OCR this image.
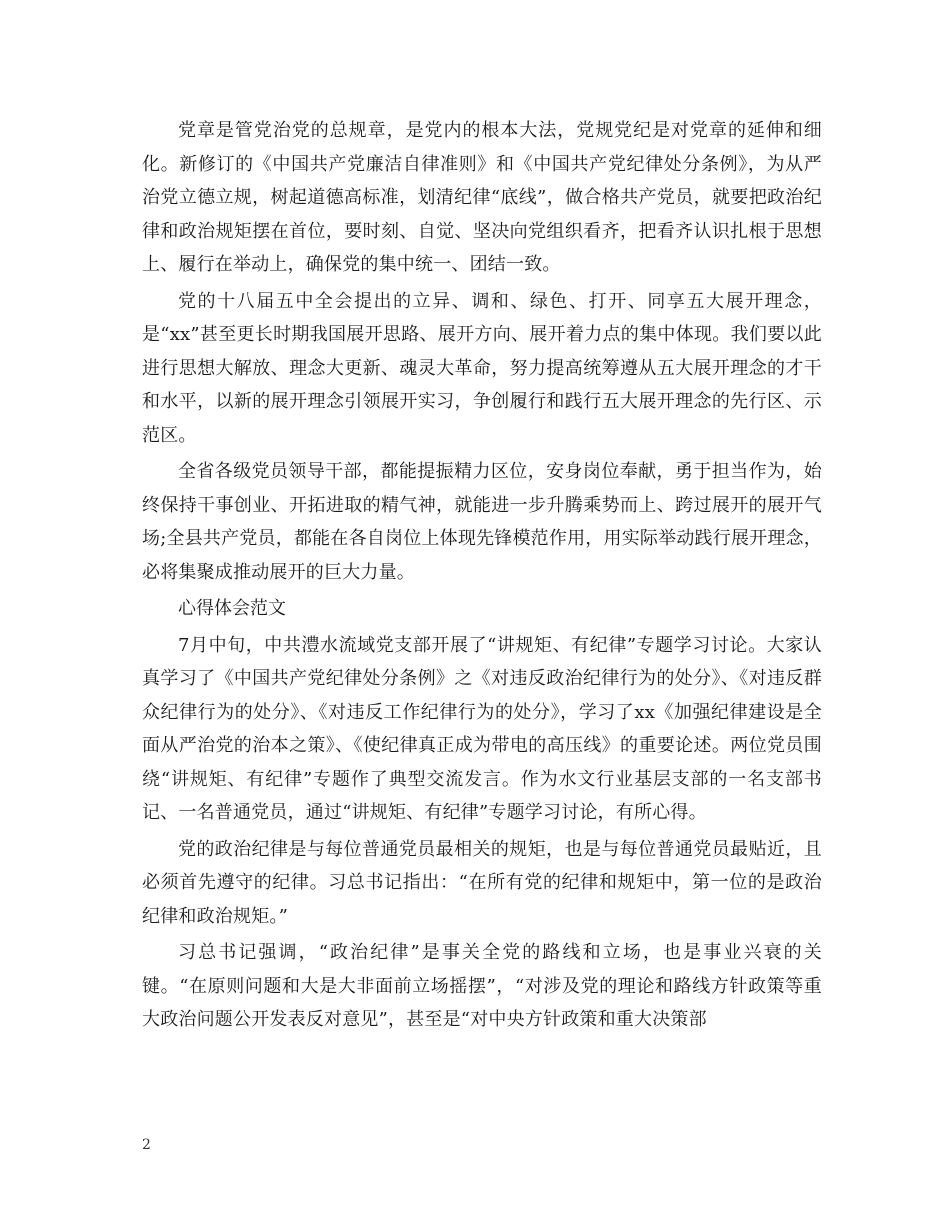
党章是管党治党的总规章，是党内的根本大法，党规党纪是对党章的延伸和细化。新修订的《中国共产党廉洁自律准则》和《中国共产党纪律处分条例》，为从严治党立德立规，树起道德高标准，划清纪律“底线”，做合格共产党员，就要把政治纪律和政治规矩摆在首位，要时刻、自觉、坚决向党组织看齐，把看齐认识扎根于思想上、履行在举动上，确保党的集中统一、团结一致。

党的十八届五中全会提出的立异、调和、绿色、打开、同享五大展开理念，是“xx”甚至更长时期我国展开思路、展开方向、展开着力点的集中体现。我们要以此进行思想大解放、理念大更新、魂灵大革命，努力提高统筹遵从五大展开理念的才干和水平，以新的展开理念引领展开实习，争创履行和践行五大展开理念的先行区、示范区。

全省各级党员领导干部，都能提振精力区位，安身岗位奉献，勇于担当作为，始终保持干事创业、开拓进取的精气神，就能进一步升腾乘势而上、跨过展开的展开气场;全县共产党员，都能在各自岗位上体现先锋模范作用，用实际举动践行展开理念，必将集聚成推动展开的巨大力量。

心得体会范文

7月中旬，中共澧水流域党支部开展了“讲规矩、有纪律”专题学习讨论。大家认真学习了《中国共产党纪律处分条例》之《对违反政治纪律行为的处分》、《对违反群众纪律行为的处分》、《对违反工作纪律行为的处分》，学习了xx《加强纪律建设是全面从严治党的治本之策》、《使纪律真正成为带电的高压线》的重要论述。两位党员围绕“讲规矩、有纪律”专题作了典型交流发言。作为水文行业基层支部的一名支部书记、一名普通党员，通过“讲规矩、有纪律”专题学习讨论，有所心得。

党的政治纪律是与每位普通党员最相关的规矩，也是与每位普通党员最贴近，且必须首先遵守的纪律。习总书记指出：“在所有党的纪律和规矩中，第一位的是政治纪律和政治规矩。”

习总书记强调，“政治纪律”是事关全党的路线和立场，也是事业兴衰的关键。“在原则问题和大是大非面前立场摇摆”，“对涉及党的理论和路线方针政策等重大政治问题公开发表反对意见”，甚至是“对中央方针政策和重大决策部

2
